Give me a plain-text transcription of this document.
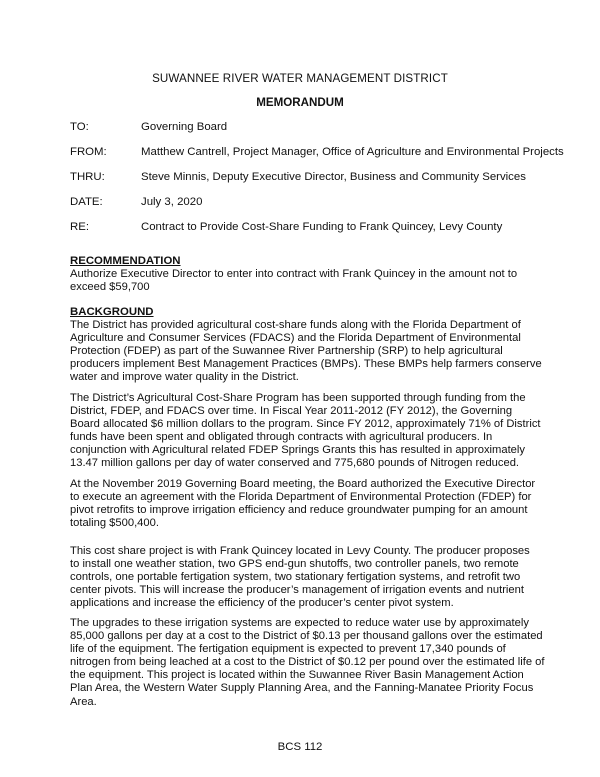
SUWANNEE RIVER WATER MANAGEMENT DISTRICT
MEMORANDUM
TO:	Governing Board
FROM:	Matthew Cantrell, Project Manager, Office of Agriculture and Environmental Projects
THRU:	Steve Minnis, Deputy Executive Director, Business and Community Services
DATE:	July 3, 2020
RE:	Contract to Provide Cost-Share Funding to Frank Quincey, Levy County
RECOMMENDATION

Authorize Executive Director to enter into contract with Frank Quincey in the amount not to
exceed $59,700

BACKGROUND

The District has provided agricultural cost-share funds along with the Florida Department of
Agriculture and Consumer Services (FDACS) and the Florida Department of Environmental
Protection (FDEP) as part of the Suwannee River Partnership (SRP) to help agricultural
producers implement Best Management Practices (BMPs). These BMPs help farmers conserve
water and improve water quality in the District.

The District’s Agricultural Cost-Share Program has been supported through funding from the
District, FDEP, and FDACS over time. In Fiscal Year 2011-2012 (FY 2012), the Governing
Board allocated $6 million dollars to the program. Since FY 2012, approximately 71% of District
funds have been spent and obligated through contracts with agricultural producers. In
conjunction with Agricultural related FDEP Springs Grants this has resulted in approximately
13.47 million gallons per day of water conserved and 775,680 pounds of Nitrogen reduced.

At the November 2019 Governing Board meeting, the Board authorized the Executive Director
to execute an agreement with the Florida Department of Environmental Protection (FDEP) for
pivot retrofits to improve irrigation efficiency and reduce groundwater pumping for an amount
totaling $500,400.

This cost share project is with Frank Quincey located in Levy County. The producer proposes
to install one weather station, two GPS end-gun shutoffs, two controller panels, two remote
controls, one portable fertigation system, two stationary fertigation systems, and retrofit two
center pivots. This will increase the producer’s management of irrigation events and nutrient
applications and increase the efficiency of the producer’s center pivot system.

The upgrades to these irrigation systems are expected to reduce water use by approximately
85,000 gallons per day at a cost to the District of $0.13 per thousand gallons over the estimated
life of the equipment. The fertigation equipment is expected to prevent 17,340 pounds of
nitrogen from being leached at a cost to the District of $0.12 per pound over the estimated life of
the equipment. This project is located within the Suwannee River Basin Management Action
Plan Area, the Western Water Supply Planning Area, and the Fanning-Manatee Priority Focus
Area.

BCS 112
